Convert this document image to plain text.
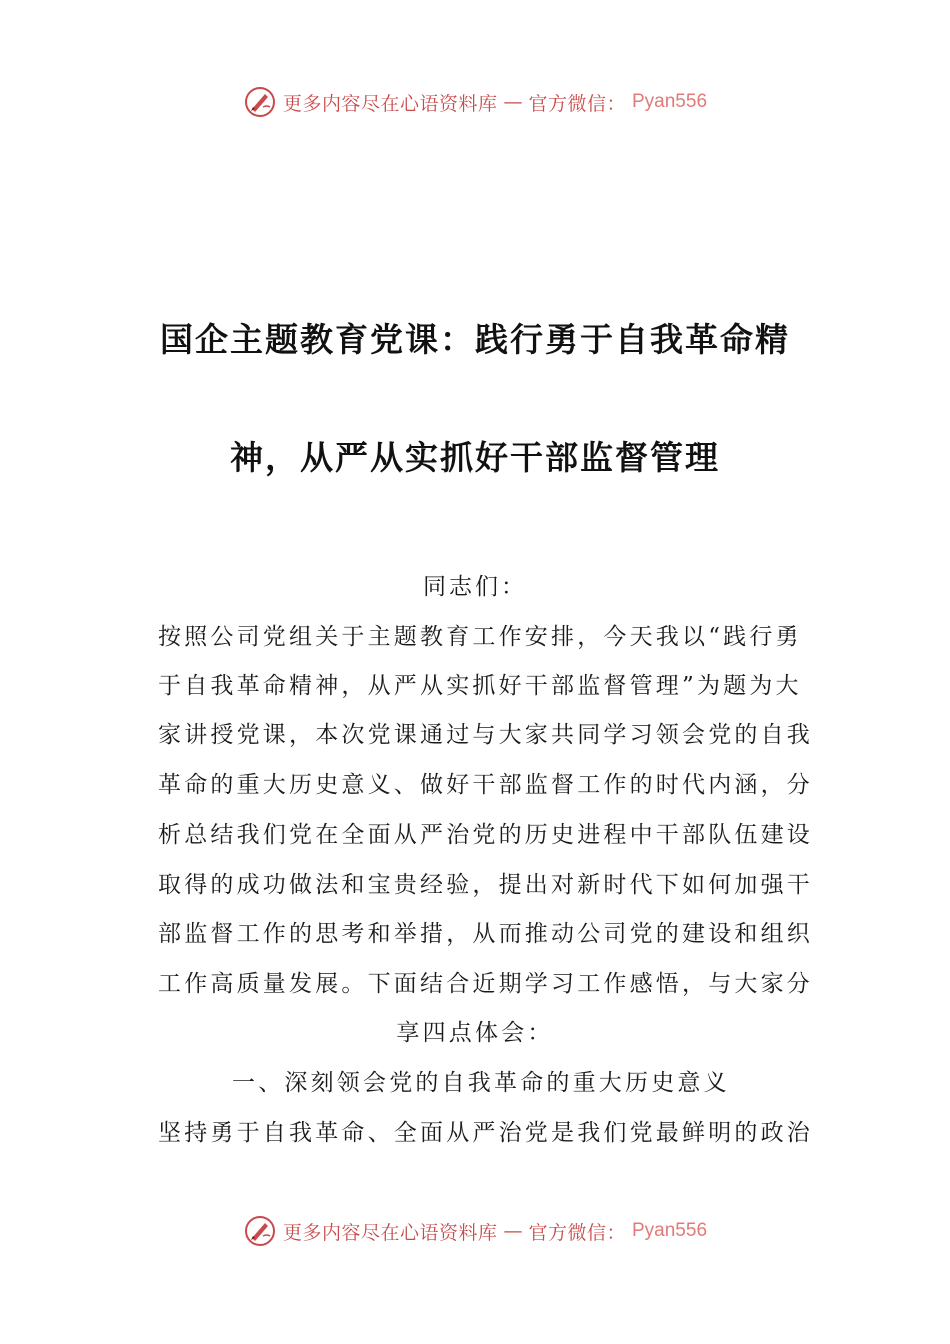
更多内容尽在心语资料库 — 官方微信： Pyan556
国企主题教育党课：践行勇于自我革命精
神，从严从实抓好干部监督管理
同志们：
按照公司党组关于主题教育工作安排，今天我以“践行勇
于自我革命精神，从严从实抓好干部监督管理”为题为大
家讲授党课，本次党课通过与大家共同学习领会党的自我
革命的重大历史意义、做好干部监督工作的时代内涵，分
析总结我们党在全面从严治党的历史进程中干部队伍建设
取得的成功做法和宝贵经验，提出对新时代下如何加强干
部监督工作的思考和举措，从而推动公司党的建设和组织
工作高质量发展。下面结合近期学习工作感悟，与大家分
享四点体会：
一、深刻领会党的自我革命的重大历史意义
坚持勇于自我革命、全面从严治党是我们党最鲜明的政治
更多内容尽在心语资料库 — 官方微信： Pyan556
